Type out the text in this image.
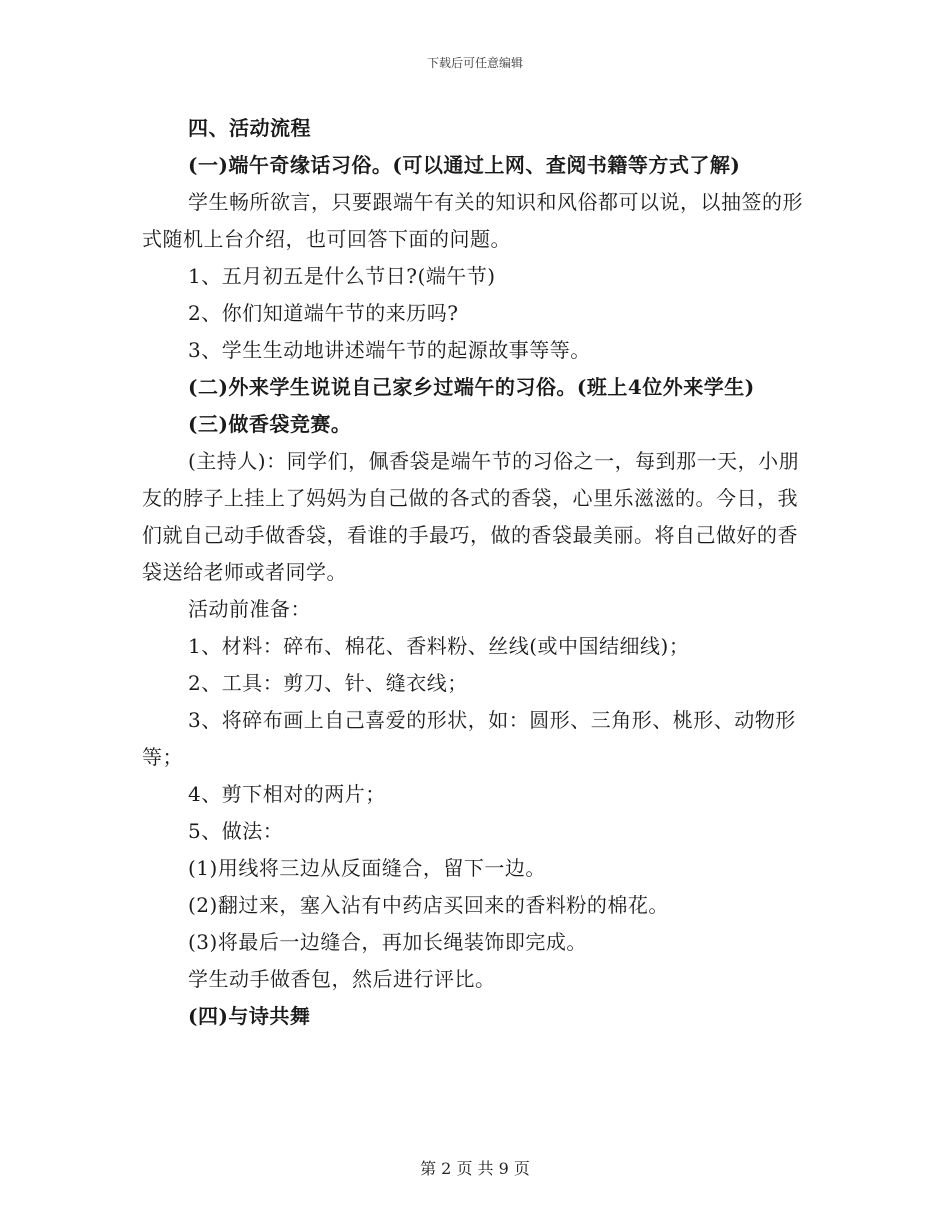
下载后可任意编辑
四、活动流程
(一)端午奇缘话习俗。(可以通过上网、查阅书籍等方式了解)
学生畅所欲言，只要跟端午有关的知识和风俗都可以说，以抽签的形式随机上台介绍，也可回答下面的问题。
1、五月初五是什么节日?(端午节)
2、你们知道端午节的来历吗?
3、学生生动地讲述端午节的起源故事等等。
(二)外来学生说说自己家乡过端午的习俗。(班上4位外来学生)
(三)做香袋竞赛。
(主持人)：同学们，佩香袋是端午节的习俗之一，每到那一天，小朋友的脖子上挂上了妈妈为自己做的各式的香袋，心里乐滋滋的。今日，我们就自己动手做香袋，看谁的手最巧，做的香袋最美丽。将自己做好的香袋送给老师或者同学。
活动前准备：
1、材料：碎布、棉花、香料粉、丝线(或中国结细线)；
2、工具：剪刀、针、缝衣线；
3、将碎布画上自己喜爱的形状，如：圆形、三角形、桃形、动物形等；
4、剪下相对的两片；
5、做法：
(1)用线将三边从反面缝合，留下一边。
(2)翻过来，塞入沾有中药店买回来的香料粉的棉花。
(3)将最后一边缝合，再加长绳装饰即完成。
学生动手做香包，然后进行评比。
(四)与诗共舞
第 2 页 共 9 页
